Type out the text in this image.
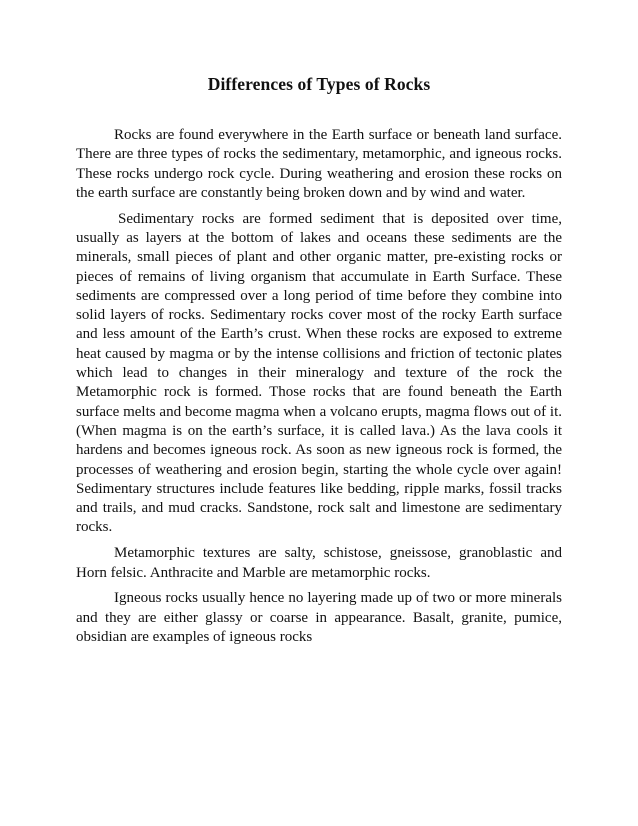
Differences of Types of Rocks

Rocks are found everywhere in the Earth surface or beneath land surface. There are three types of rocks the sedimentary, metamorphic, and igneous rocks. These rocks undergo rock cycle. During weathering and erosion these rocks on the earth surface are constantly being broken down and by wind and water.

Sedimentary rocks are formed sediment that is deposited over time, usually as layers at the bottom of lakes and oceans these sediments are the minerals, small pieces of plant and other organic matter, pre-existing rocks or pieces of remains of living organism that accumulate in Earth Surface. These sediments are compressed over a long period of time before they combine into solid layers of rocks. Sedimentary rocks cover most of the rocky Earth surface and less amount of the Earth’s crust. When these rocks are exposed to extreme heat caused by magma or by the intense collisions and friction of tectonic plates which lead to changes in their mineralogy and texture of the rock the Metamorphic rock is formed. Those rocks that are found beneath the Earth surface melts and become magma when a volcano erupts, magma flows out of it. (When magma is on the earth’s surface, it is called lava.) As the lava cools it hardens and becomes igneous rock. As soon as new igneous rock is formed, the processes of weathering and erosion begin, starting the whole cycle over again! Sedimentary structures include features like bedding, ripple marks, fossil tracks and trails, and mud cracks. Sandstone, rock salt and limestone are sedimentary rocks.

Metamorphic textures are salty, schistose, gneissose, granoblastic and Horn felsic. Anthracite and Marble are metamorphic rocks.

Igneous rocks usually hence no layering made up of two or more minerals and they are either glassy or coarse in appearance. Basalt, granite, pumice, obsidian are examples of igneous rocks
